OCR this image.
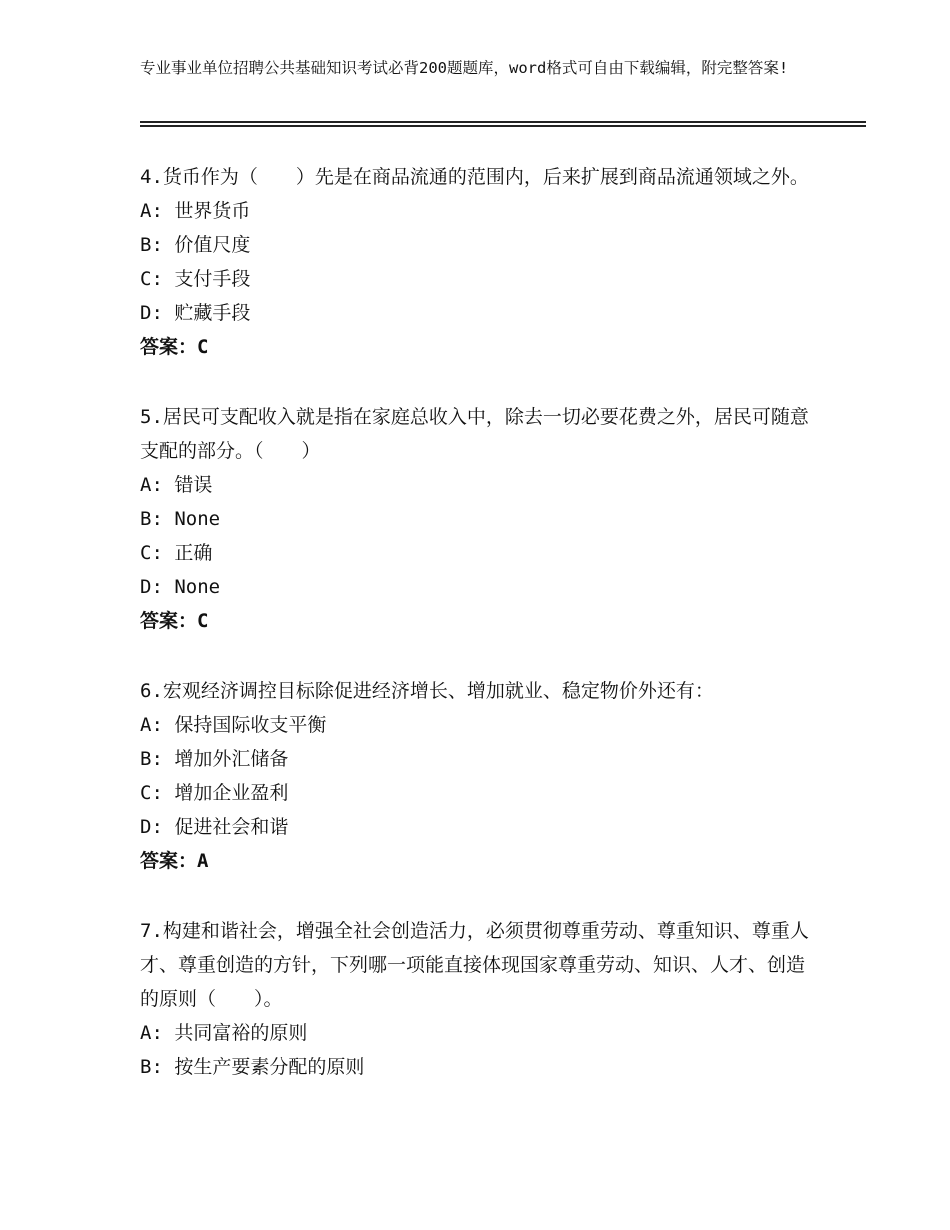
专业事业单位招聘公共基础知识考试必背200题题库，word格式可自由下载编辑，附完整答案!

4.货币作为（　　）先是在商品流通的范围内，后来扩展到商品流通领域之外。

A: 世界货币

B: 价值尺度

C: 支付手段

D: 贮藏手段

答案：C

5.居民可支配收入就是指在家庭总收入中，除去一切必要花费之外，居民可随意支配的部分。（　　）

A: 错误

B: None

C: 正确

D: None

答案：C

6.宏观经济调控目标除促进经济增长、增加就业、稳定物价外还有：

A: 保持国际收支平衡

B: 增加外汇储备

C: 增加企业盈利

D: 促进社会和谐

答案：A

7.构建和谐社会，增强全社会创造活力，必须贯彻尊重劳动、尊重知识、尊重人才、尊重创造的方针，下列哪一项能直接体现国家尊重劳动、知识、人才、创造的原则（　　）。

A: 共同富裕的原则

B: 按生产要素分配的原则
